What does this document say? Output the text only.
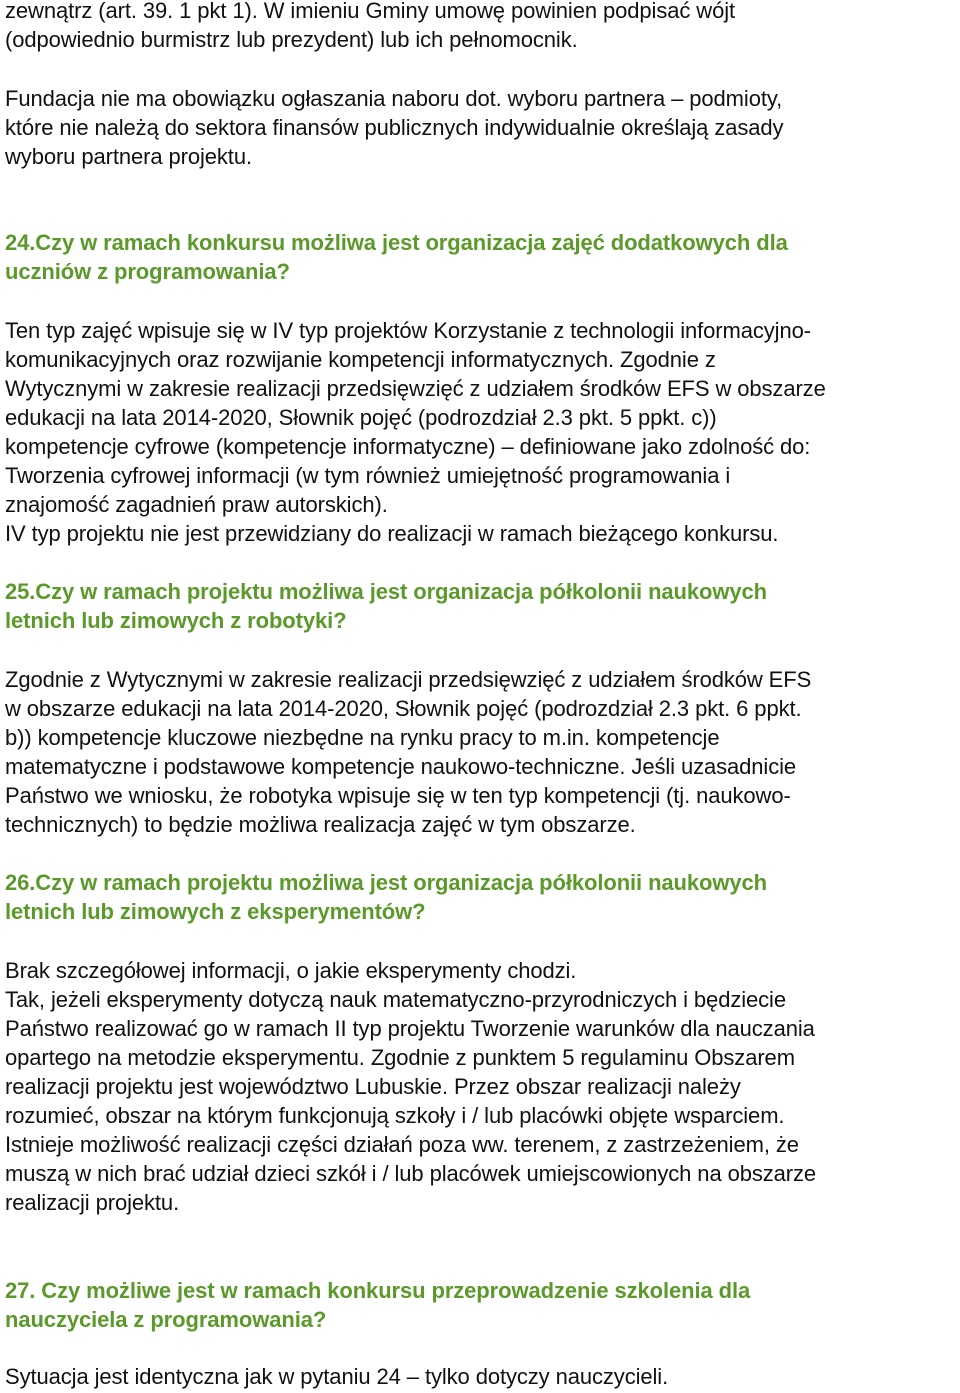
zewnątrz (art. 39. 1 pkt 1). W imieniu Gminy umowę powinien podpisać wójt
(odpowiednio burmistrz lub prezydent) lub ich pełnomocnik.
Fundacja nie ma obowiązku ogłaszania naboru dot. wyboru partnera – podmioty,
które nie należą do sektora finansów publicznych indywidualnie określają zasady
wyboru partnera projektu.
24.Czy w ramach konkursu możliwa jest organizacja zajęć dodatkowych dla
uczniów z programowania?
Ten typ zajęć wpisuje się w IV typ projektów Korzystanie z technologii informacyjno-
komunikacyjnych oraz rozwijanie kompetencji informatycznych. Zgodnie z
Wytycznymi w zakresie realizacji przedsięwzięć z udziałem środków EFS w obszarze
edukacji na lata 2014-2020, Słownik pojęć (podrozdział 2.3 pkt. 5 ppkt. c))
kompetencje cyfrowe (kompetencje informatyczne) – definiowane jako zdolność do:
Tworzenia cyfrowej informacji (w tym również umiejętność programowania i
znajomość zagadnień praw autorskich).
IV typ projektu nie jest przewidziany do realizacji w ramach bieżącego konkursu.
25.Czy w ramach projektu możliwa jest organizacja półkolonii naukowych
letnich lub zimowych z robotyki?
Zgodnie z Wytycznymi w zakresie realizacji przedsięwzięć z udziałem środków EFS
w obszarze edukacji na lata 2014-2020, Słownik pojęć (podrozdział 2.3 pkt. 6 ppkt.
b)) kompetencje kluczowe niezbędne na rynku pracy to m.in. kompetencje
matematyczne i podstawowe kompetencje naukowo-techniczne. Jeśli uzasadnicie
Państwo we wniosku, że robotyka wpisuje się w ten typ kompetencji (tj. naukowo-
technicznych) to będzie możliwa realizacja zajęć w tym obszarze.
26.Czy w ramach projektu możliwa jest organizacja półkolonii naukowych
letnich lub zimowych z eksperymentów?
Brak szczegółowej informacji, o jakie eksperymenty chodzi.
Tak, jeżeli eksperymenty dotyczą nauk matematyczno-przyrodniczych i będziecie
Państwo realizować go w ramach II typ projektu Tworzenie warunków dla nauczania
opartego na metodzie eksperymentu. Zgodnie z punktem 5 regulaminu Obszarem
realizacji projektu jest województwo Lubuskie. Przez obszar realizacji należy
rozumieć, obszar na którym funkcjonują szkoły i / lub placówki objęte wsparciem.
Istnieje możliwość realizacji części działań poza ww. terenem, z zastrzeżeniem, że
muszą w nich brać udział dzieci szkół i / lub placówek umiejscowionych na obszarze
realizacji projektu.
27. Czy możliwe jest w ramach konkursu przeprowadzenie szkolenia dla
nauczyciela z programowania?
Sytuacja jest identyczna jak w pytaniu 24 – tylko dotyczy nauczycieli.
